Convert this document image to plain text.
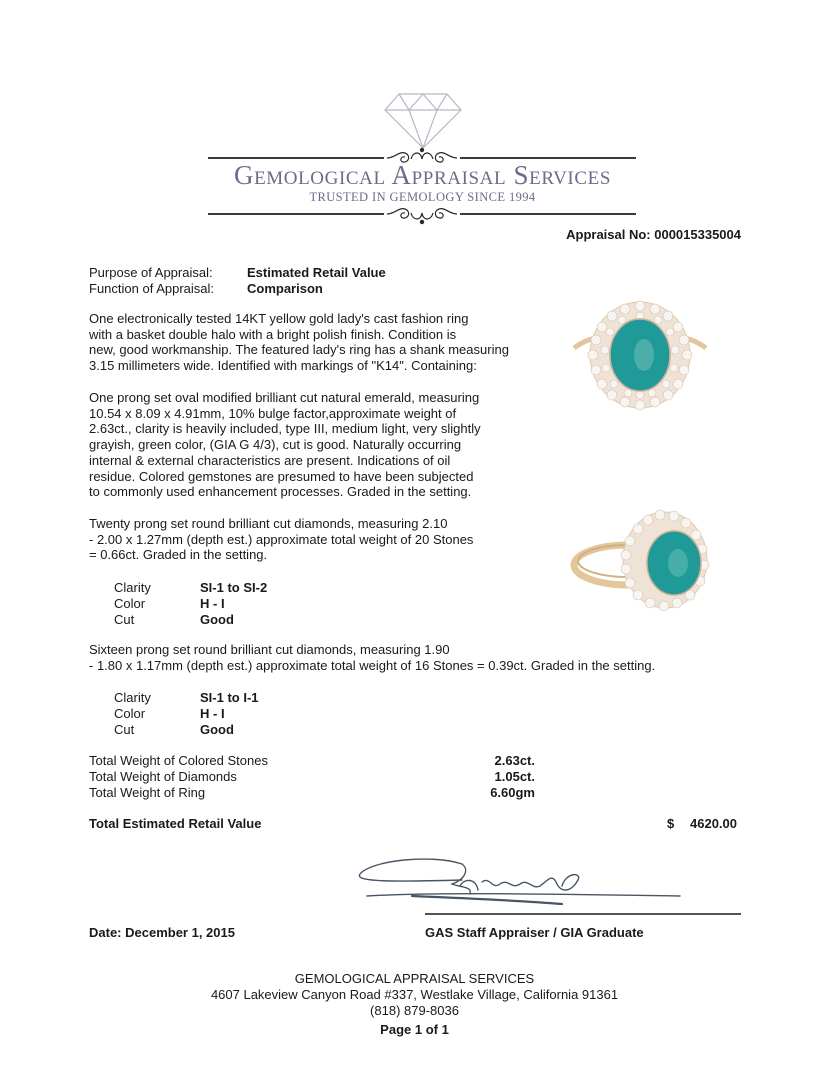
Gemological Appraisal Services
TRUSTED IN GEMOLOGY SINCE 1994
Appraisal No: 000015335004
Purpose of Appraisal:	Estimated Retail Value
Function of Appraisal:	Comparison
One electronically tested 14KT yellow gold lady's cast fashion ring
with a basket double halo with a bright polish finish. Condition is
new, good workmanship. The featured lady's ring has a shank measuring
3.15 millimeters wide. Identified with markings of "K14". Containing:
One prong set oval modified brilliant cut natural emerald, measuring
10.54 x 8.09 x 4.91mm, 10% bulge factor,approximate weight of
2.63ct., clarity is heavily included, type III, medium light, very slightly
grayish, green color, (GIA G 4/3), cut is good. Naturally occurring
internal & external characteristics are present. Indications of oil
residue. Colored gemstones are presumed to have been subjected
to commonly used enhancement processes. Graded in the setting.
Twenty prong set round brilliant cut diamonds, measuring 2.10
- 2.00 x 1.27mm (depth est.) approximate total weight of 20 Stones
= 0.66ct. Graded in the setting.
Clarity	SI-1 to SI-2
Color	H - I
Cut	Good
Sixteen prong set round brilliant cut diamonds, measuring 1.90
- 1.80 x 1.17mm (depth est.) approximate total weight of 16 Stones = 0.39ct. Graded in the setting.
Clarity	SI-1 to I-1
Color	H - I
Cut	Good
Total Weight of Colored Stones	2.63ct.
Total Weight of Diamonds	1.05ct.
Total Weight of Ring	6.60gm
Total Estimated Retail Value	$ 4620.00
Date: December 1, 2015	GAS Staff Appraiser / GIA Graduate
GEMOLOGICAL APPRAISAL SERVICES
4607 Lakeview Canyon Road #337, Westlake Village, California 91361
(818) 879-8036
Page 1 of 1
